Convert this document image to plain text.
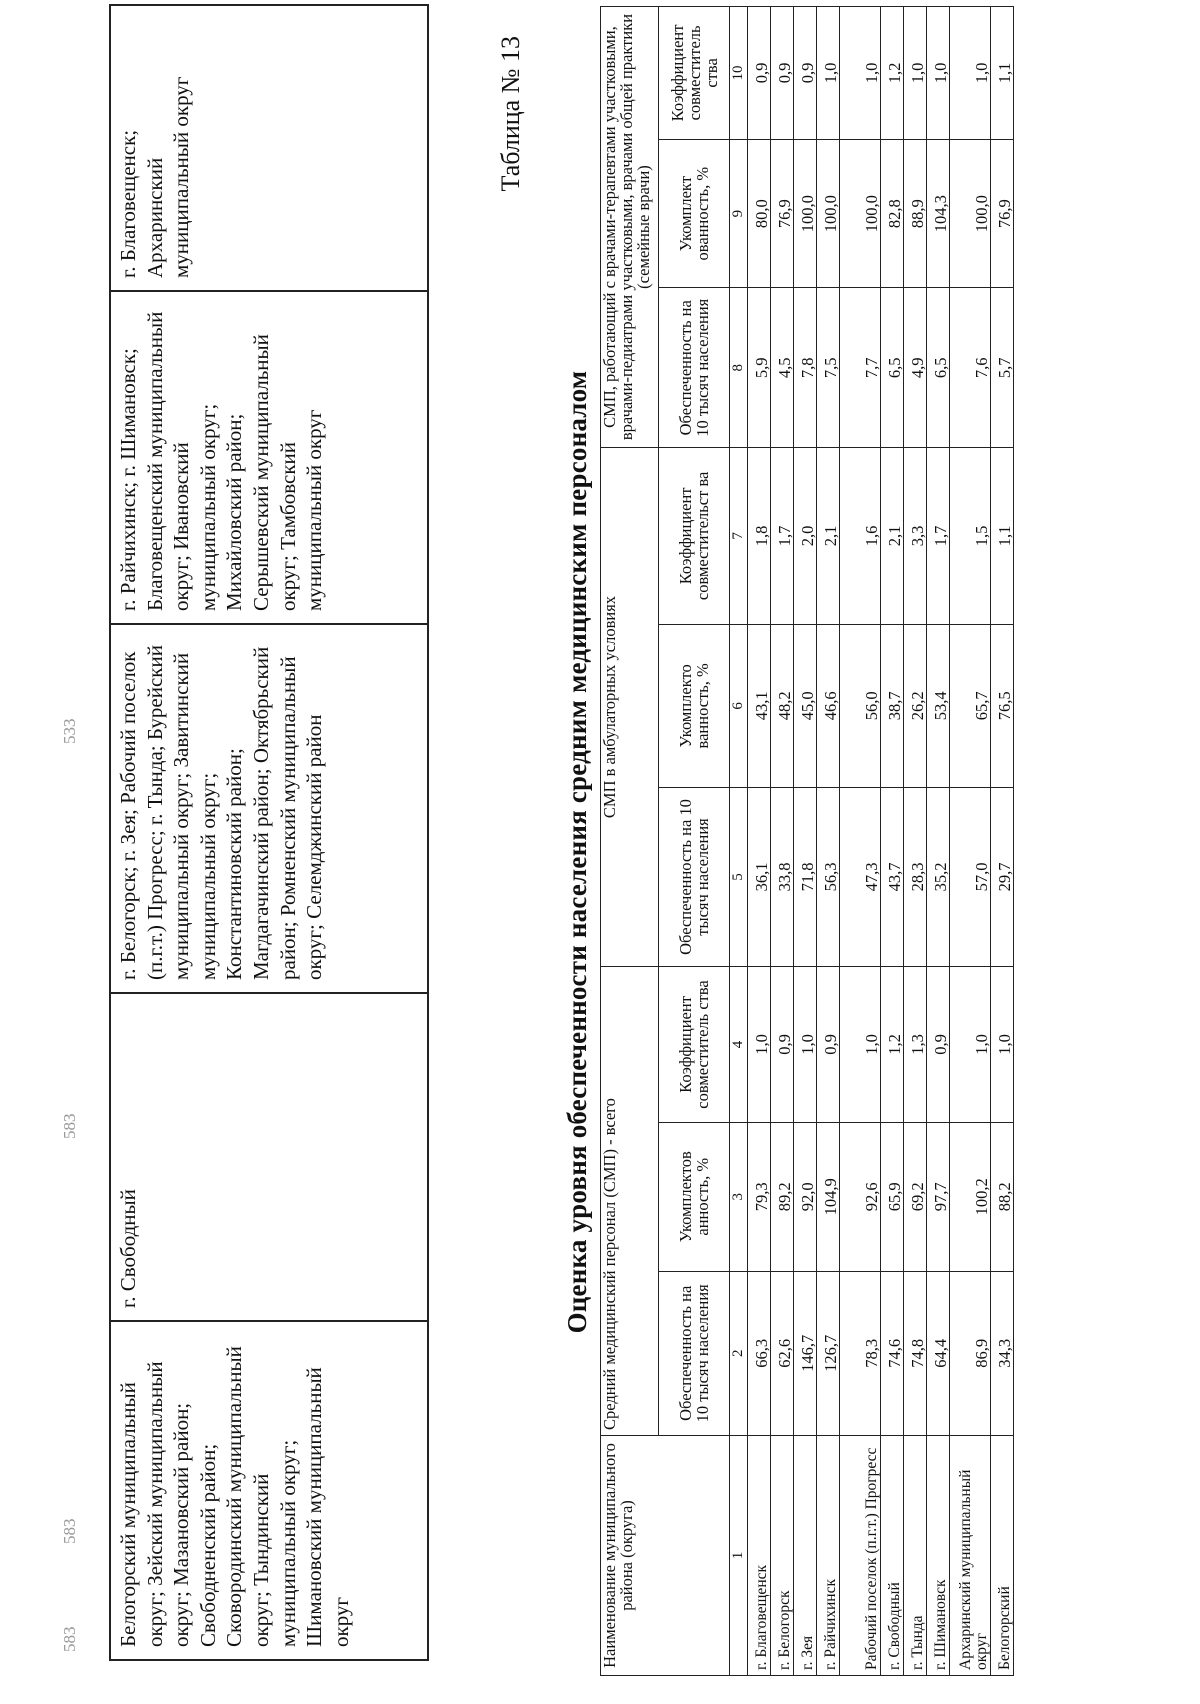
583
583
533
583 Белогорский муниципальный округ; Зейский муниципальный округ; Мазановский район; Свободненский район; Сковородинский муниципальный округ; Тындинский муниципальный округ; Шимановский муниципальный округ	г. Свободный	г. Белогорск; г. Зея; Рабочий поселок (п.г.т.) Прогресс; г. Тында; Бурейский муниципальный округ; Завитинский муниципальный округ; Константиновский район; Магдагачинский район; Октябрьский район; Ромненский муниципальный округ; Селемджинский район	г. Райчихинск; г. Шимановск; Благовещенский муниципальный округ; Ивановский муниципальный округ; Михайловский район; Серышевский муниципальный округ; Тамбовский муниципальный округ	г. Благовещенск; Архаринский муниципальный округ	Таблица № 13
Оценка уровня обеспеченности населения средним медицинским персоналом
Наименование муниципального района (округа)	Средний медицинский персонал (СМП) - всего			СМП в амбулаторных условиях			СМП, работающий с врачами-терапевтами участковыми, врачами-педиатрами участковыми, врачами общей практики (семейные врачи)		
	Обеспеченность на 10 тысяч населения	Укомплектов анность, %	Коэффициент совместитель ства	Обеспеченность на 10 тысяч населения	Укомплекто ванность, %	Коэффициент совместительст ва	Обеспеченность на 10 тысяч населения	Укомплект ованность, %	Коэффициент совместитель ства
1	2	3	4	5	6	7	8	9	10
г. Благовещенск	66,3	79,3	1,0	36,1	43,1	1,8	5,9	80,0	0,9
г. Белогорск	62,6	89,2	0,9	33,8	48,2	1,7	4,5	76,9	0,9
г. Зея	146,7	92,0	1,0	71,8	45,0	2,0	7,8	100,0	0,9
г. Райчихинск	126,7	104,9	0,9	56,3	46,6	2,1	7,5	100,0	1,0
Рабочий поселок (п.г.т.) Прогресс	78,3	92,6	1,0	47,3	56,0	1,6	7,7	100,0	1,0
г. Свободный	74,6	65,9	1,2	43,7	38,7	2,1	6,5	82,8	1,2
г. Тында	74,8	69,2	1,3	28,3	26,2	3,3	4,9	88,9	1,0
г. Шимановск	64,4	97,7	0,9	35,2	53,4	1,7	6,5	104,3	1,0
Архаринский муниципальный округ	86,9	100,2	1,0	57,0	65,7	1,5	7,6	100,0	1,0
Белогорский	34,3	88,2	1,0	29,7	76,5	1,1	5,7	76,9	1,1
